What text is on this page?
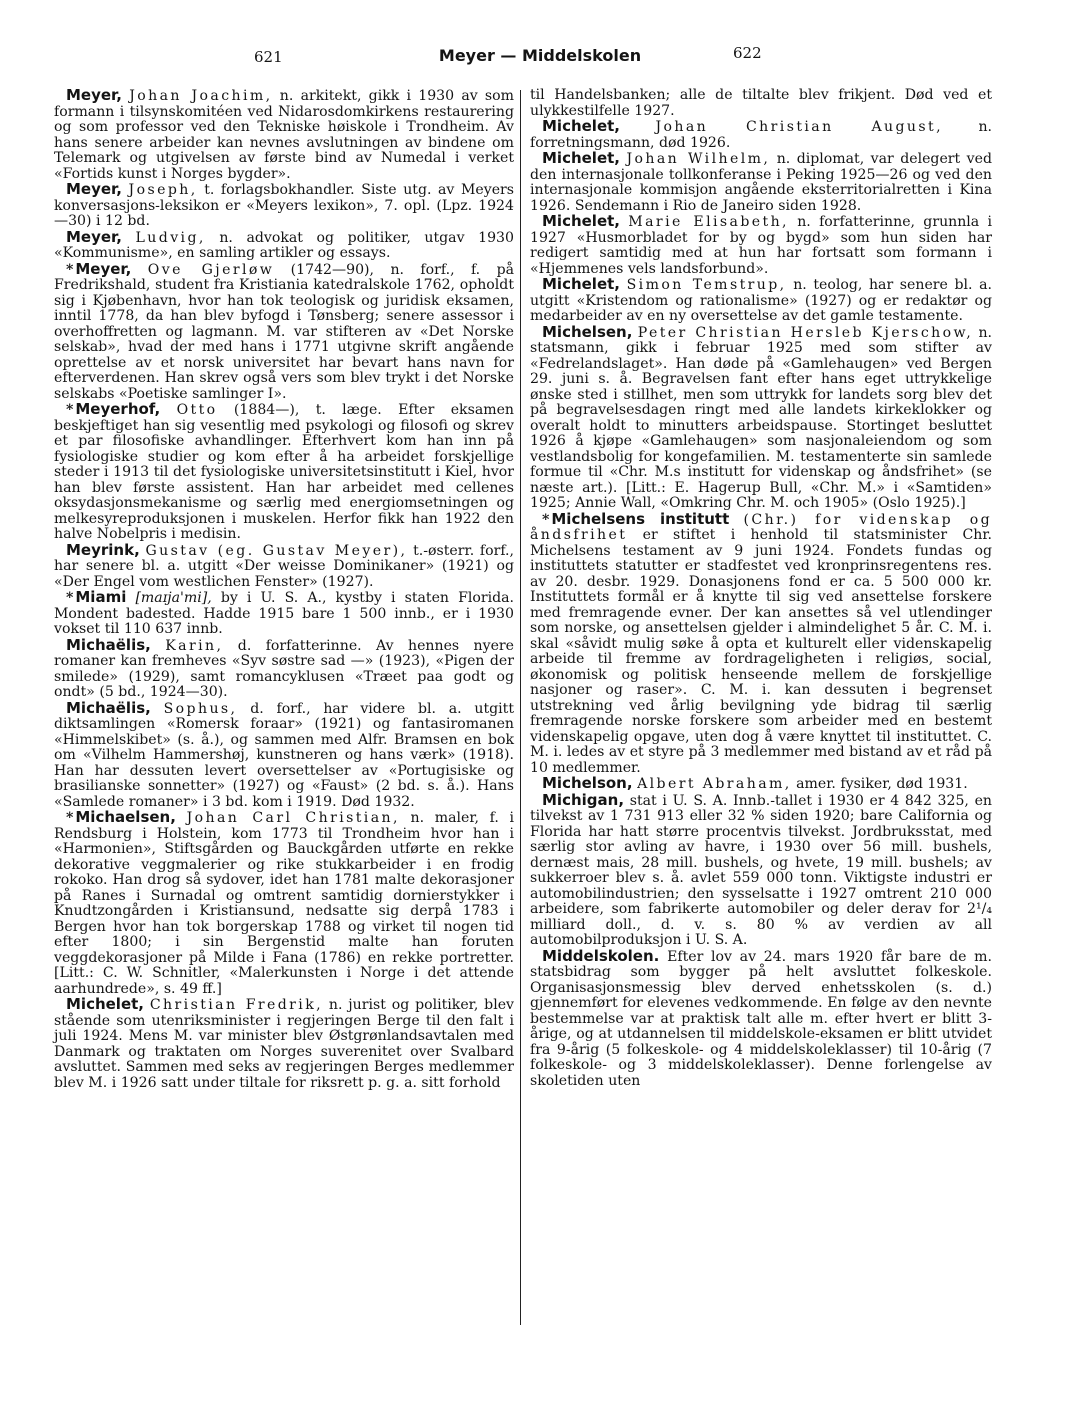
621	Meyer — Middelskolen	622

Meyer, Johan Joachim, n. arkitekt, gikk i 1930 av som formann i tilsynskomitéen ved Nidarosdomkirkens restaurering og som professor ved den Tekniske høiskole i Trondheim. Av hans senere arbeider kan nevnes avslutningen av bindene om Telemark og utgivelsen av første bind av Numedal i verket «Fortids kunst i Norges bygder».

Meyer, Joseph, t. forlagsbokhandler. Siste utg. av Meyers konversasjons-leksikon er «Meyers lexikon», 7. opl. (Lpz. 1924—30) i 12 bd.

Meyer, Ludvig, n. advokat og politiker, utgav 1930 «Kommunisme», en samling artikler og essays.

* Meyer, Ove Gjerløw (1742—90), n. forf., f. på Fredrikshald, student fra Kristiania katedralskole 1762, opholdt sig i Kjøbenhavn, hvor han tok teologisk og juridisk eksamen, inntil 1778, da han blev byfogd i Tønsberg; senere assessor i overhoffretten og lagmann. M. var stifteren av «Det Norske selskab», hvad der med hans i 1771 utgivne skrift angående oprettelse av et norsk universitet har bevart hans navn for efterverdenen. Han skrev også vers som blev trykt i det Norske selskabs «Poetiske samlinger I».

* Meyerhof, Otto (1884—), t. læge. Efter eksamen beskjeftiget han sig vesentlig med psykologi og filosofi og skrev et par filosofiske avhandlinger. Efterhvert kom han inn på fysiologiske studier og kom efter å ha arbeidet forskjellige steder i 1913 til det fysiologiske universitetsinstitutt i Kiel, hvor han blev første assistent. Han har arbeidet med cellenes oksydasjonsmekanisme og særlig med energiomsetningen og melkesyreproduksjonen i muskelen. Herfor fikk han 1922 den halve Nobelpris i medisin.

Meyrink, Gustav (eg. Gustav Meyer), t.-østerr. forf., har senere bl. a. utgitt «Der weisse Dominikaner» (1921) og «Der Engel vom westlichen Fenster» (1927).

* Miami [maɪja'mi], by i U. S. A., kystby i staten Florida. Mondent badested. Hadde 1915 bare 1 500 innb., er i 1930 vokset til 110 637 innb.

Michaëlis, Karin, d. forfatterinne. Av hennes nyere romaner kan fremheves «Syv søstre sad —» (1923), «Pigen der smilede» (1929), samt romancyklusen «Træet paa godt og ondt» (5 bd., 1924—30).

Michaëlis, Sophus, d. forf., har videre bl. a. utgitt diktsamlingen «Romersk foraar» (1921) og fantasiromanen «Himmelskibet» (s. å.), og sammen med Alfr. Bramsen en bok om «Vilhelm Hammershøj, kunstneren og hans værk» (1918). Han har dessuten levert oversettelser av «Portugisiske og brasilianske sonnetter» (1927) og «Faust» (2 bd. s. å.). Hans «Samlede romaner» i 3 bd. kom i 1919. Død 1932.

* Michaelsen, Johan Carl Christian, n. maler, f. i Rendsburg i Holstein, kom 1773 til Trondheim hvor han i «Harmonien», Stiftsgården og Bauckgården utførte en rekke dekorative veggmalerier og rike stukkarbeider i en frodig rokoko. Han drog så sydover, idet han 1781 malte dekorasjoner på Ranes i Surnadal og omtrent samtidig dornierstykker i Knudtzongården i Kristiansund, nedsatte sig derpå 1783 i Bergen hvor han tok borgerskap 1788 og virket til nogen tid efter 1800; i sin Bergenstid malte han foruten veggdekorasjoner på Milde i Fana (1786) en rekke portretter. [Litt.: C. W. Schnitler, «Malerkunsten i Norge i det attende aarhundrede», s. 49 ff.]

Michelet, Christian Fredrik, n. jurist og politiker, blev stående som utenriksminister i regjeringen Berge til den falt i juli 1924. Mens M. var minister blev Østgrønlandsavtalen med Danmark og traktaten om Norges suverenitet over Svalbard avsluttet. Sammen med seks av regjeringen Berges medlemmer blev M. i 1926 satt under tiltale for riksrett p. g. a. sitt forhold

til Handelsbanken; alle de tiltalte blev frikjent. Død ved et ulykkestilfelle 1927.

Michelet,	Johan Christian August,	n. forretningsmann, død 1926.

Michelet, Johan Wilhelm, n. diplomat, var delegert ved den internasjonale tollkonferanse i Peking 1925—26 og ved den internasjonale kommisjon angående eksterritorialretten i Kina 1926. Sendemann i Rio de Janeiro siden 1928.

Michelet, Marie Elisabeth, n. forfatterinne, grunnla i 1927 «Husmorbladet for by og bygd» som hun siden har redigert samtidig med at hun har fortsatt som formann i «Hjemmenes vels landsforbund».

Michelet, Simon Temstrup, n. teolog, har senere bl. a. utgitt «Kristendom og rationalisme» (1927) og er redaktør og medarbeider av en ny oversettelse av det gamle testamente.

Michelsen, Peter Christian Hersleb Kjerschow, n. statsmann, gikk i februar 1925 med som stifter av «Fedrelandslaget». Han døde på «Gamlehaugen» ved Bergen 29. juni s. å. Begravelsen fant efter hans eget uttrykkelige ønske sted i stillhet, men som uttrykk for landets sorg blev det på begravelsesdagen ringt med alle landets kirkeklokker og overalt holdt to minutters arbeidspause. Stortinget besluttet 1926 å kjøpe «Gamlehaugen» som nasjonaleiendom og som vestlandsbolig for kongefamilien. M. testamenterte sin samlede formue til «Chr. M.s institutt for videnskap og åndsfrihet» (se næste art.). [Litt.: E. Hagerup Bull, «Chr. M.» i «Samtiden» 1925; Annie Wall, «Omkring Chr. M. och 1905» (Oslo 1925).]

* Michelsens institutt (Chr.) for videnskap og åndsfrihet er stiftet i henhold til statsminister Chr. Michelsens testament av 9 juni 1924. Fondets fundas og instituttets statutter er stadfestet ved kronprinsregentens res. av 20. desbr. 1929. Donasjonens fond er ca. 5 500 000 kr. Instituttets formål er å knytte til sig ved ansettelse forskere med fremragende evner. Der kan ansettes så vel utlendinger som norske, og ansettelsen gjelder i almindelighet 5 år. C. M. i. skal «såvidt mulig søke å opta et kulturelt eller videnskapelig arbeide til fremme av fordrageligheten i religiøs, social, økonomisk og politisk henseende mellem de forskjellige nasjoner og raser». C. M. i. kan dessuten i begrenset utstrekning ved årlig bevilgning yde bidrag til særlig fremragende norske forskere som arbeider med en bestemt videnskapelig opgave, uten dog å være knyttet til instituttet. C. M. i. ledes av et styre på 3 medlemmer med bistand av et råd på 10 medlemmer.

Michelson, Albert Abraham, amer. fysiker, død 1931.

Michigan, stat i U. S. A. Innb.-tallet i 1930 er 4 842 325, en tilvekst av 1 731 913 eller 32 % siden 1920; bare California og Florida har hatt større procentvis tilvekst. Jordbruksstat, med særlig stor avling av havre, i 1930 over 56 mill. bushels, dernæst mais, 28 mill. bushels, og hvete, 19 mill. bushels; av sukkerroer blev s. å. avlet 559 000 tonn. Viktigste industri er automobilindustrien; den sysselsatte i 1927 omtrent 210 000 arbeidere, som fabrikerte automobiler og deler derav for 2¹/₄ milliard doll., d. v. s. 80 % av verdien av all automobilproduksjon i U. S. A.

Middelskolen. Efter lov av 24. mars 1920 får bare de m. statsbidrag som bygger på helt avsluttet folkeskole. Organisasjonsmessig blev derved enhetsskolen (s. d.) gjennemført for elevenes vedkommende. En følge av den nevnte bestemmelse var at praktisk talt alle m. efter hvert er blitt 3-årige, og at utdannelsen til middelskole-eksamen er blitt utvidet fra 9-årig (5 folkeskole- og 4 middelskoleklasser) til 10-årig (7 folkeskole- og 3 middelskoleklasser). Denne forlengelse av skoletiden uten
